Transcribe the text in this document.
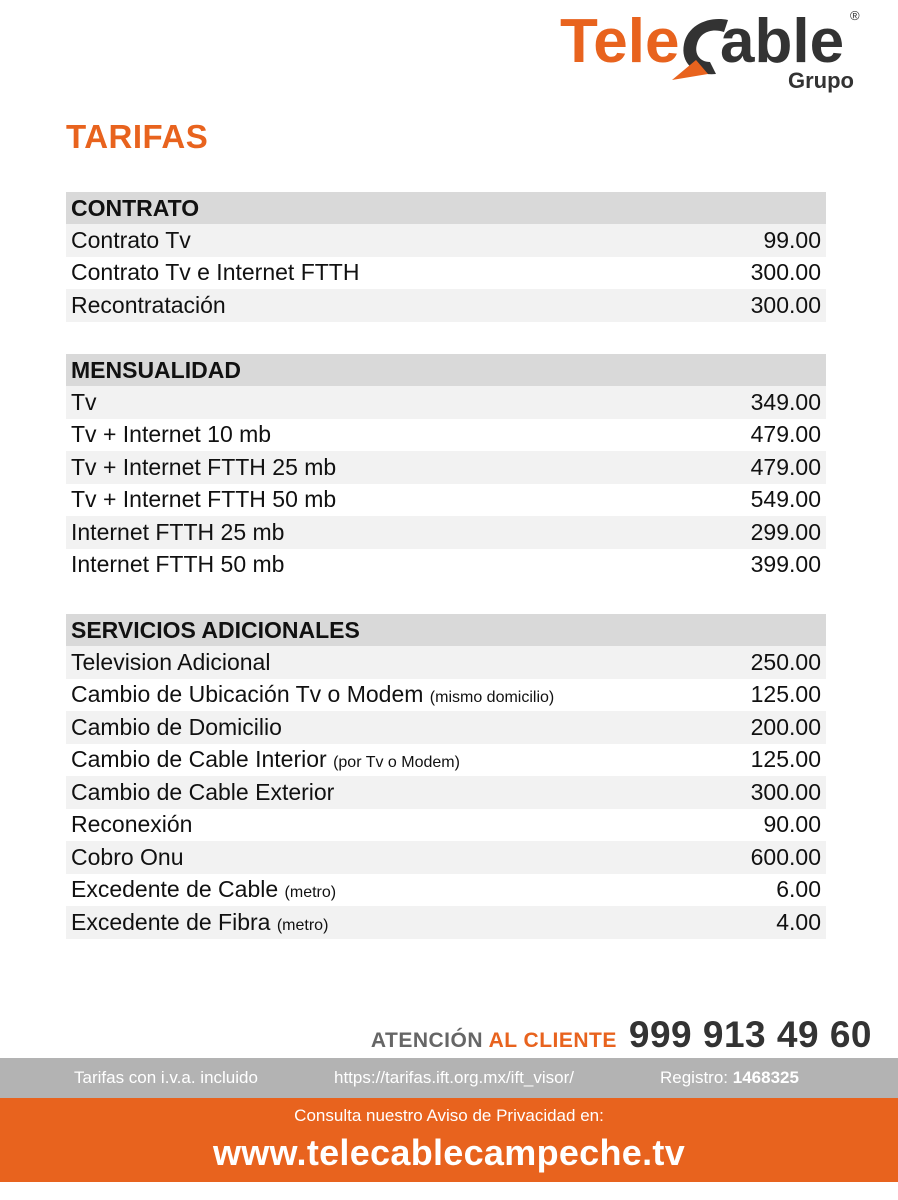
Tele able
Grupo
®
TARIFAS
CONTRATO
Contrato Tv	99.00
Contrato Tv e Internet FTTH	300.00
Recontratación	300.00
MENSUALIDAD
Tv	349.00
Tv + Internet 10 mb	479.00
Tv + Internet FTTH 25 mb	479.00
Tv + Internet FTTH 50 mb	549.00
Internet FTTH 25 mb	299.00
Internet FTTH 50 mb	399.00
SERVICIOS ADICIONALES
Television Adicional	250.00
Cambio de Ubicación Tv o Modem (mismo domicilio)	125.00
Cambio de Domicilio	200.00
Cambio de Cable Interior (por Tv o Modem)	125.00
Cambio de Cable Exterior	300.00
Reconexión	90.00
Cobro Onu	600.00
Excedente de Cable (metro)	6.00
Excedente de Fibra (metro)	4.00
ATENCIÓN AL CLIENTE 999 913 49 60
Tarifas con i.v.a. incluido	https://tarifas.ift.org.mx/ift_visor/	Registro: 1468325
Consulta nuestro Aviso de Privacidad en:
www.telecablecampeche.tv
